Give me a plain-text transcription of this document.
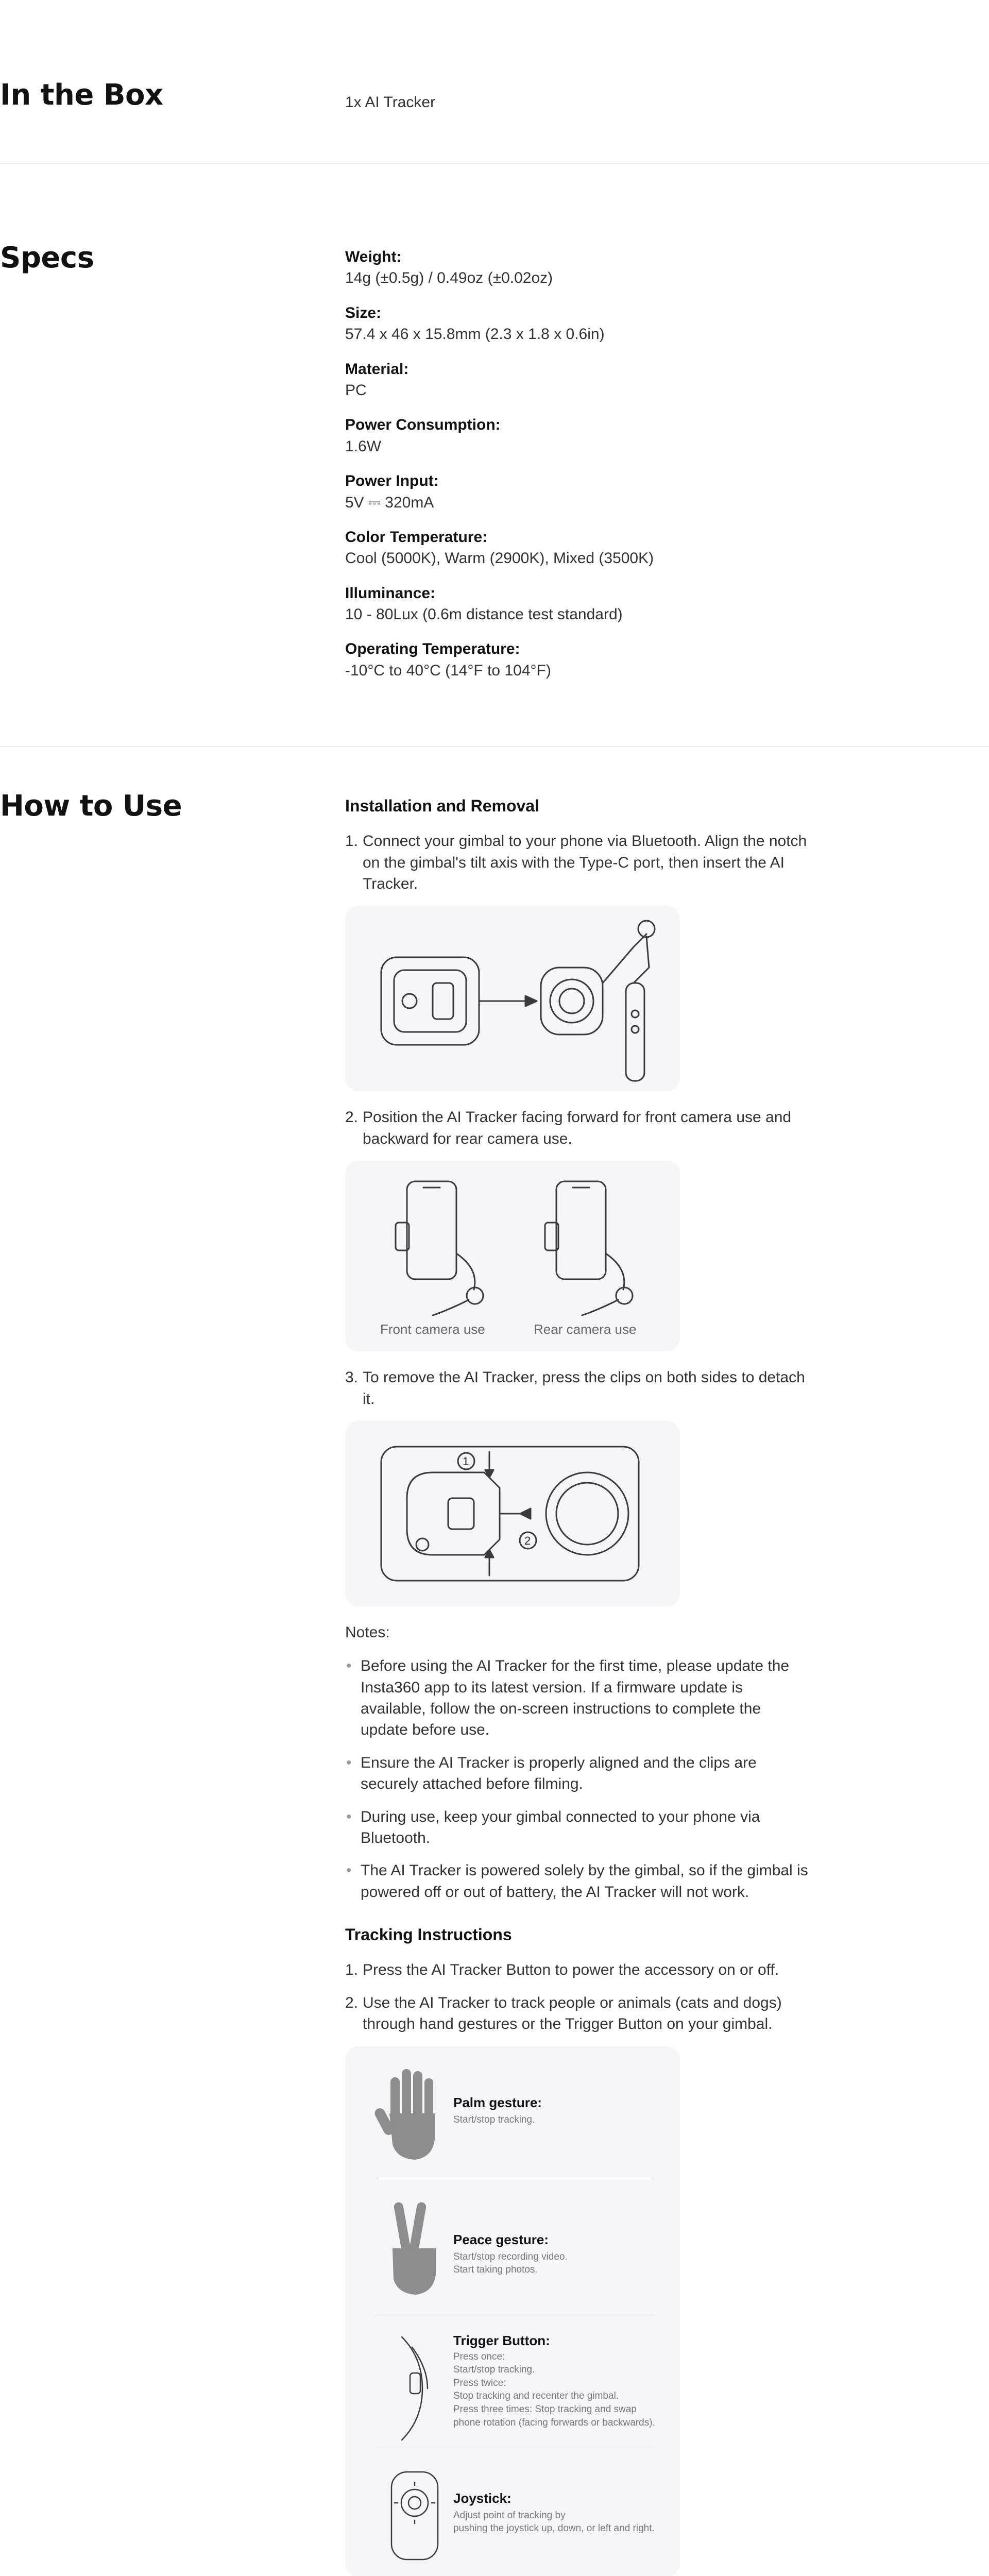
In the Box	1x AI Tracker
Specs	Weight:
14g (±0.5g) / 0.49oz (±0.02oz)
Size:
57.4 x 46 x 15.8mm (2.3 x 1.8 x 0.6in)
Material:
PC
Power Consumption:
1.6W
Power Input:
5V ⎓ 320mA
Color Temperature:
Cool (5000K), Warm (2900K), Mixed (3500K)
Illuminance:
10 - 80Lux (0.6m distance test standard)
Operating Temperature:
-10°C to 40°C (14°F to 104°F)
How to Use	Installation and Removal
1. Connect your gimbal to your phone via Bluetooth. Align the notch on the gimbal's tilt axis with the Type-C port, then insert the AI Tracker.
2. Position the AI Tracker facing forward for front camera use and backward for rear camera use.
Front camera use	Rear camera use
3. To remove the AI Tracker, press the clips on both sides to detach it.
1
2
Notes:
• Before using the AI Tracker for the first time, please update the Insta360 app to its latest version. If a firmware update is available, follow the on-screen instructions to complete the update before use.
• Ensure the AI Tracker is properly aligned and the clips are securely attached before filming.
• During use, keep your gimbal connected to your phone via Bluetooth.
• The AI Tracker is powered solely by the gimbal, so if the gimbal is powered off or out of battery, the AI Tracker will not work.
Tracking Instructions
1. Press the AI Tracker Button to power the accessory on or off.
2. Use the AI Tracker to track people or animals (cats and dogs) through hand gestures or the Trigger Button on your gimbal.
Palm gesture:
Start/stop tracking.
Peace gesture:
Start/stop recording video.
Start taking photos.
Trigger Button:
Press once:
Start/stop tracking.
Press twice:
Stop tracking and recenter the gimbal.
Press three times: Stop tracking and swap
phone rotation (facing forwards or backwards).
Joystick:
Adjust point of tracking by
pushing the joystick up, down, or left and right.
